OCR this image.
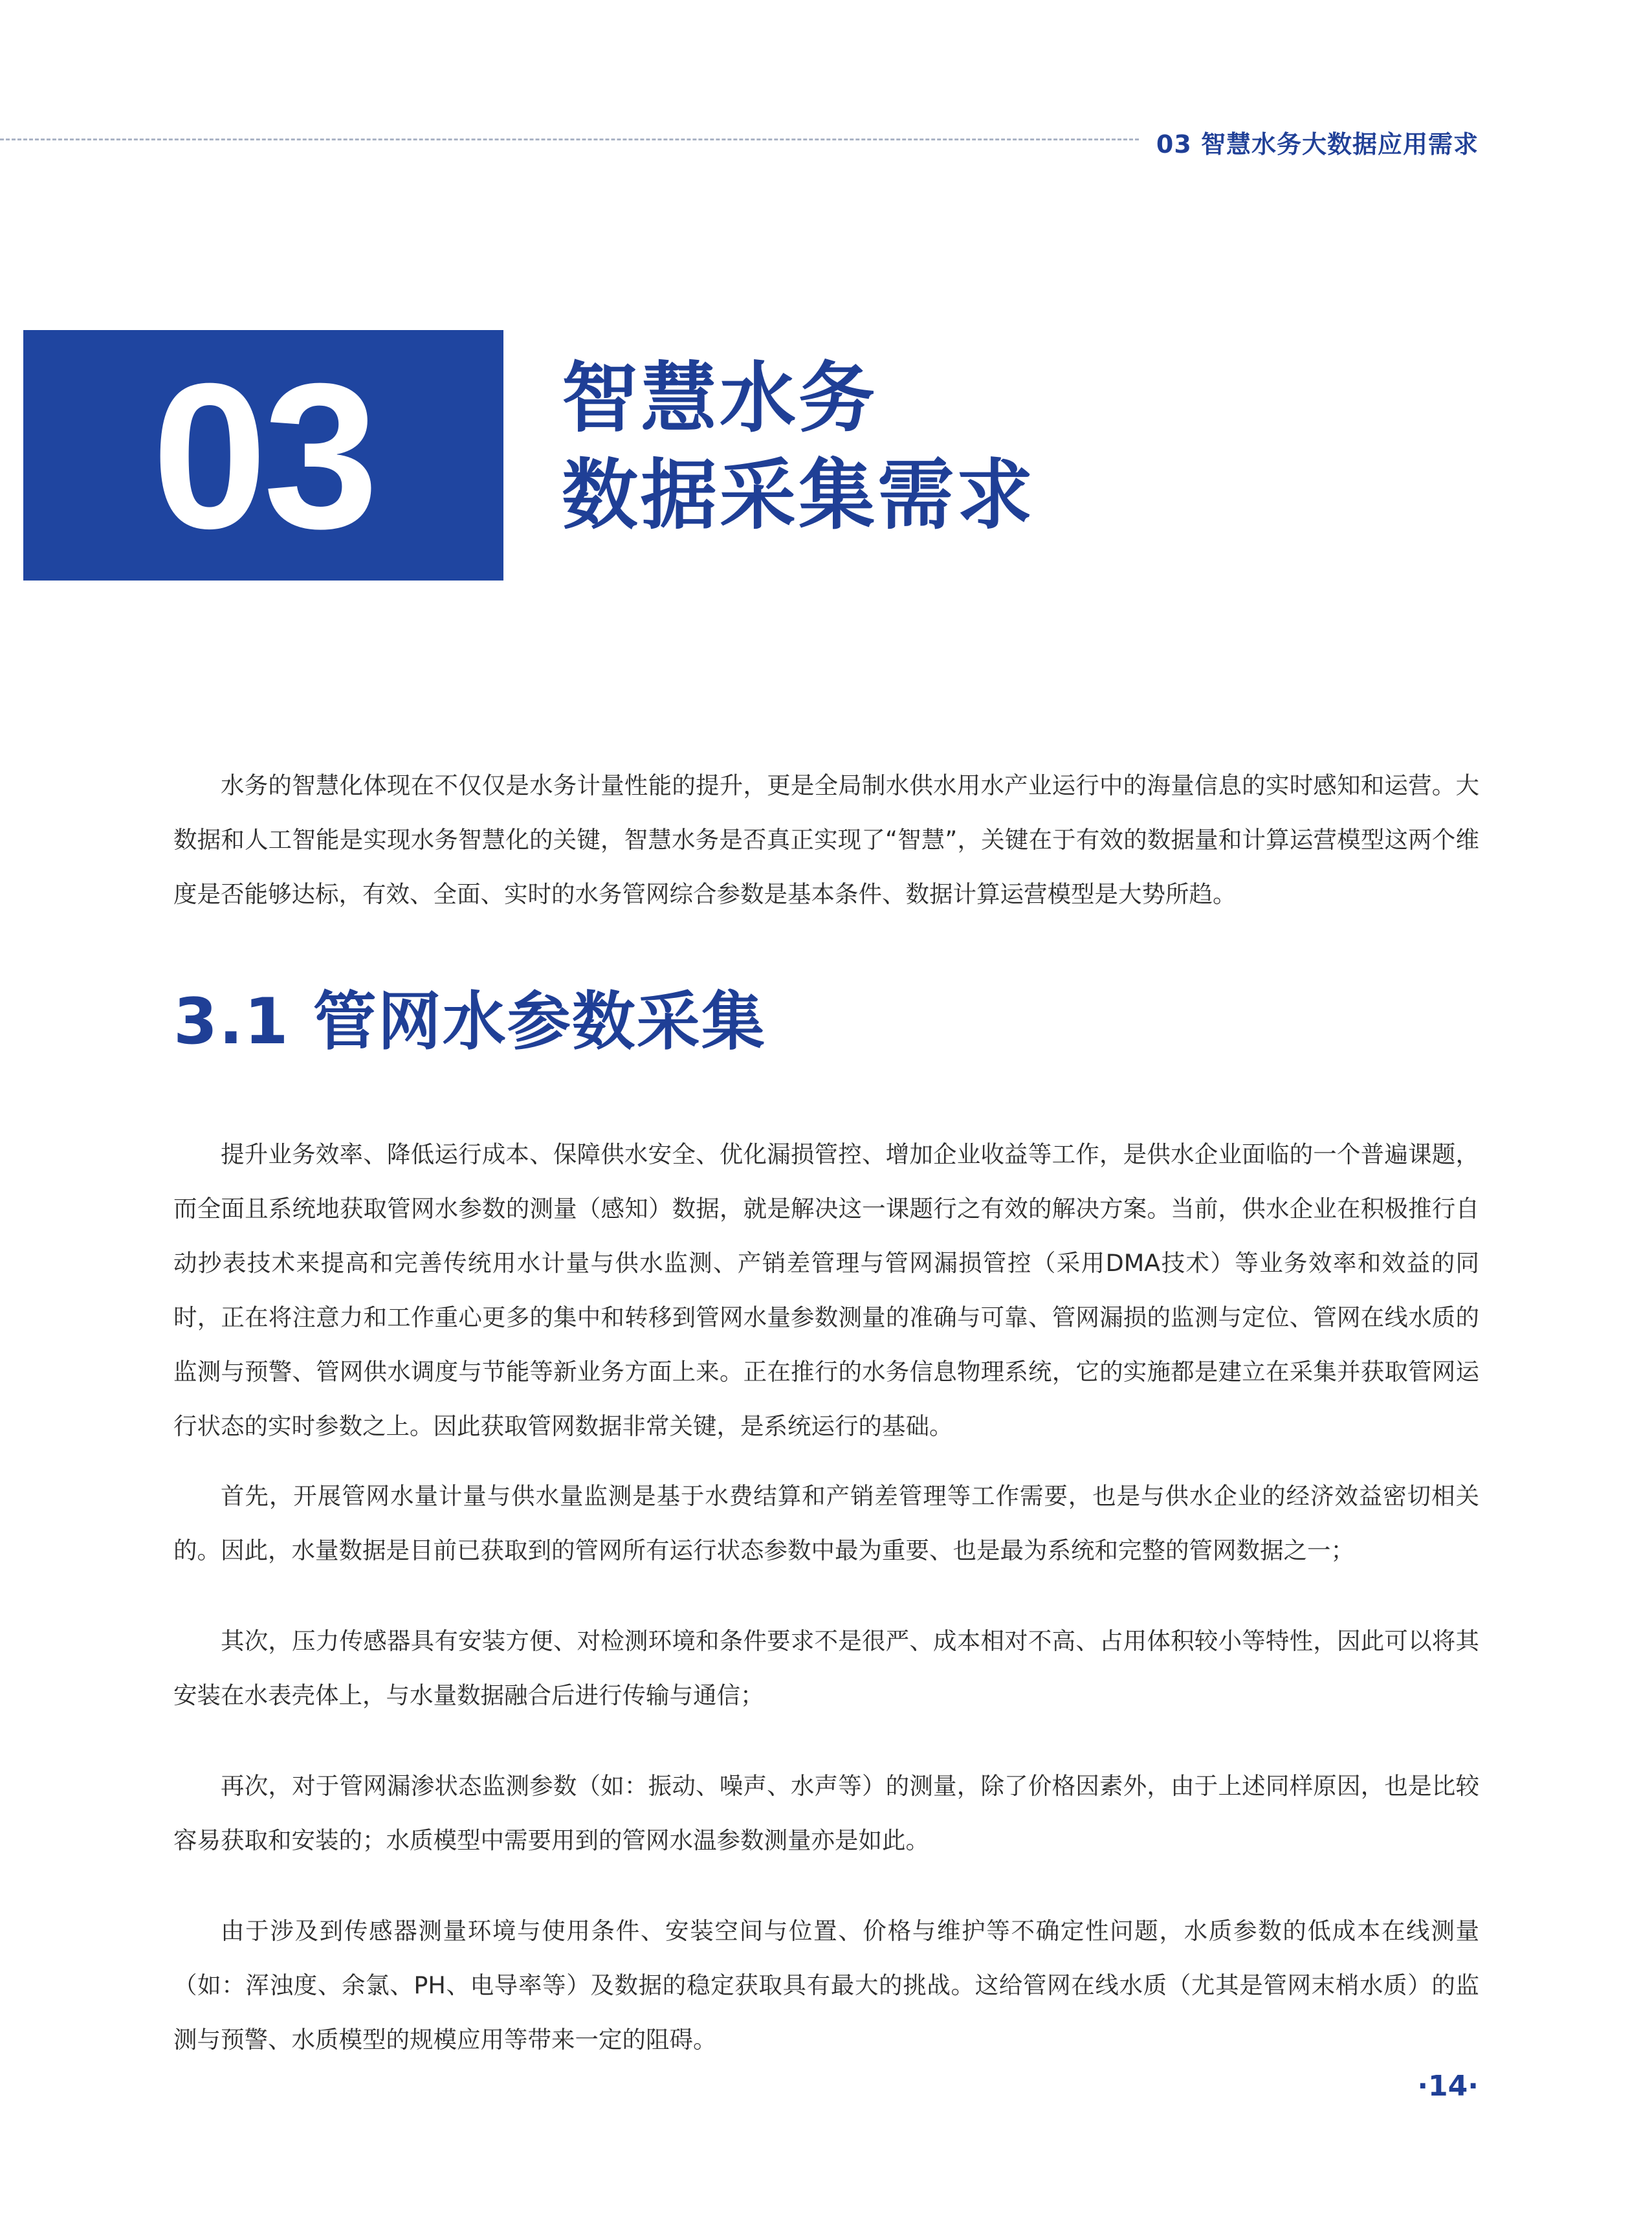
03 智慧水务大数据应用需求
03 智慧水务
数据采集需求

水务的智慧化体现在不仅仅是水务计量性能的提升，更是全局制水供水用水产业运行中的海量信息的实时感知和运营。大数据和人工智能是实现水务智慧化的关键，智慧水务是否真正实现了“智慧”，关键在于有效的数据量和计算运营模型这两个维度是否能够达标，有效、全面、实时的水务管网综合参数是基本条件、数据计算运营模型是大势所趋。

3.1 管网水参数采集

提升业务效率、降低运行成本、保障供水安全、优化漏损管控、增加企业收益等工作，是供水企业面临的一个普遍课题，而全面且系统地获取管网水参数的测量（感知）数据，就是解决这一课题行之有效的解决方案。当前，供水企业在积极推行自动抄表技术来提高和完善传统用水计量与供水监测、产销差管理与管网漏损管控（采用DMA技术）等业务效率和效益的同时，正在将注意力和工作重心更多的集中和转移到管网水量参数测量的准确与可靠、管网漏损的监测与定位、管网在线水质的监测与预警、管网供水调度与节能等新业务方面上来。正在推行的水务信息物理系统，它的实施都是建立在采集并获取管网运行状态的实时参数之上。因此获取管网数据非常关键，是系统运行的基础。

首先，开展管网水量计量与供水量监测是基于水费结算和产销差管理等工作需要，也是与供水企业的经济效益密切相关的。因此，水量数据是目前已获取到的管网所有运行状态参数中最为重要、也是最为系统和完整的管网数据之一；

其次，压力传感器具有安装方便、对检测环境和条件要求不是很严、成本相对不高、占用体积较小等特性，因此可以将其安装在水表壳体上，与水量数据融合后进行传输与通信；

再次，对于管网漏渗状态监测参数（如：振动、噪声、水声等）的测量，除了价格因素外，由于上述同样原因，也是比较容易获取和安装的；水质模型中需要用到的管网水温参数测量亦是如此。

由于涉及到传感器测量环境与使用条件、安装空间与位置、价格与维护等不确定性问题，水质参数的低成本在线测量（如：浑浊度、余氯、PH、电导率等）及数据的稳定获取具有最大的挑战。这给管网在线水质（尤其是管网末梢水质）的监测与预警、水质模型的规模应用等带来一定的阻碍。

·14·
